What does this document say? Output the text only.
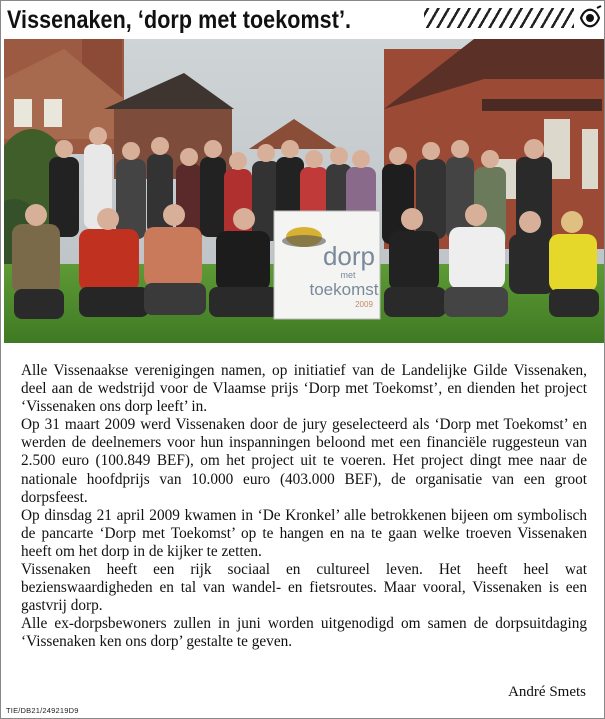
Vissenaken, ‘dorp met toekomst’.
dorp
met
toekomst
2009

Alle Vissenaakse verenigingen namen, op initiatief van de Landelijke Gilde Vissenaken, deel aan de wedstrijd voor de Vlaamse prijs ‘Dorp met Toekomst’, en dienden het project ‘Vissenaken ons dorp leeft’ in.

Op 31 maart 2009 werd Vissenaken door de jury geselecteerd als ‘Dorp met Toekomst’ en werden de deelnemers voor hun inspanningen beloond met een financiële ruggesteun van 2.500 euro (100.849 BEF), om het project uit te voeren. Het project dingt mee naar de nationale hoofdprijs van 10.000 euro (403.000 BEF), de organisatie van een groot dorpsfeest.

Op dinsdag 21 april 2009 kwamen in ‘De Kronkel’ alle betrokkenen bijeen om symbolisch de pancarte ‘Dorp met Toekomst’ op te hangen en na te gaan welke troeven Vissenaken heeft om het dorp in de kijker te zetten.

Vissenaken heeft een rijk sociaal en cultureel leven. Het heeft heel wat bezienswaardigheden en tal van wandel- en fietsroutes. Maar vooral, Vissenaken is een gastvrij dorp.

Alle ex-dorpsbewoners zullen in juni worden uitgenodigd om samen de dorpsuitdaging ‘Vissenaken ken ons dorp’ gestalte te geven.

André Smets
TIE/DB21/249219D9
